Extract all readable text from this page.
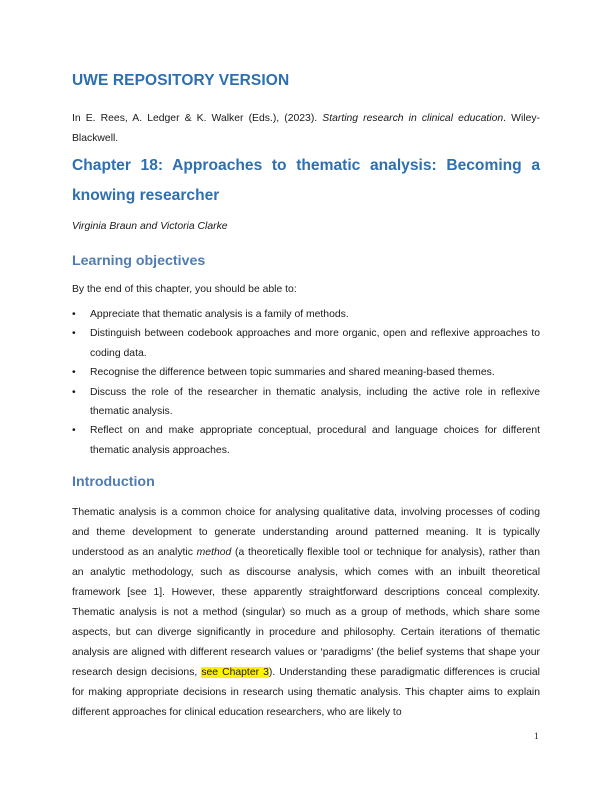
UWE REPOSITORY VERSION
In E. Rees, A. Ledger & K. Walker (Eds.), (2023). Starting research in clinical education. Wiley-Blackwell.
Chapter 18: Approaches to thematic analysis: Becoming a knowing researcher
Virginia Braun and Victoria Clarke
Learning objectives
By the end of this chapter, you should be able to:
• Appreciate that thematic analysis is a family of methods.
• Distinguish between codebook approaches and more organic, open and reflexive approaches to coding data.
• Recognise the difference between topic summaries and shared meaning-based themes.
• Discuss the role of the researcher in thematic analysis, including the active role in reflexive thematic analysis.
• Reflect on and make appropriate conceptual, procedural and language choices for different thematic analysis approaches.
Introduction
Thematic analysis is a common choice for analysing qualitative data, involving processes of coding and theme development to generate understanding around patterned meaning. It is typically understood as an analytic method (a theoretically flexible tool or technique for analysis), rather than an analytic methodology, such as discourse analysis, which comes with an inbuilt theoretical framework [see 1]. However, these apparently straightforward descriptions conceal complexity. Thematic analysis is not a method (singular) so much as a group of methods, which share some aspects, but can diverge significantly in procedure and philosophy. Certain iterations of thematic analysis are aligned with different research values or ‘paradigms’ (the belief systems that shape your research design decisions, see Chapter 3). Understanding these paradigmatic differences is crucial for making appropriate decisions in research using thematic analysis. This chapter aims to explain different approaches for clinical education researchers, who are likely to
1
